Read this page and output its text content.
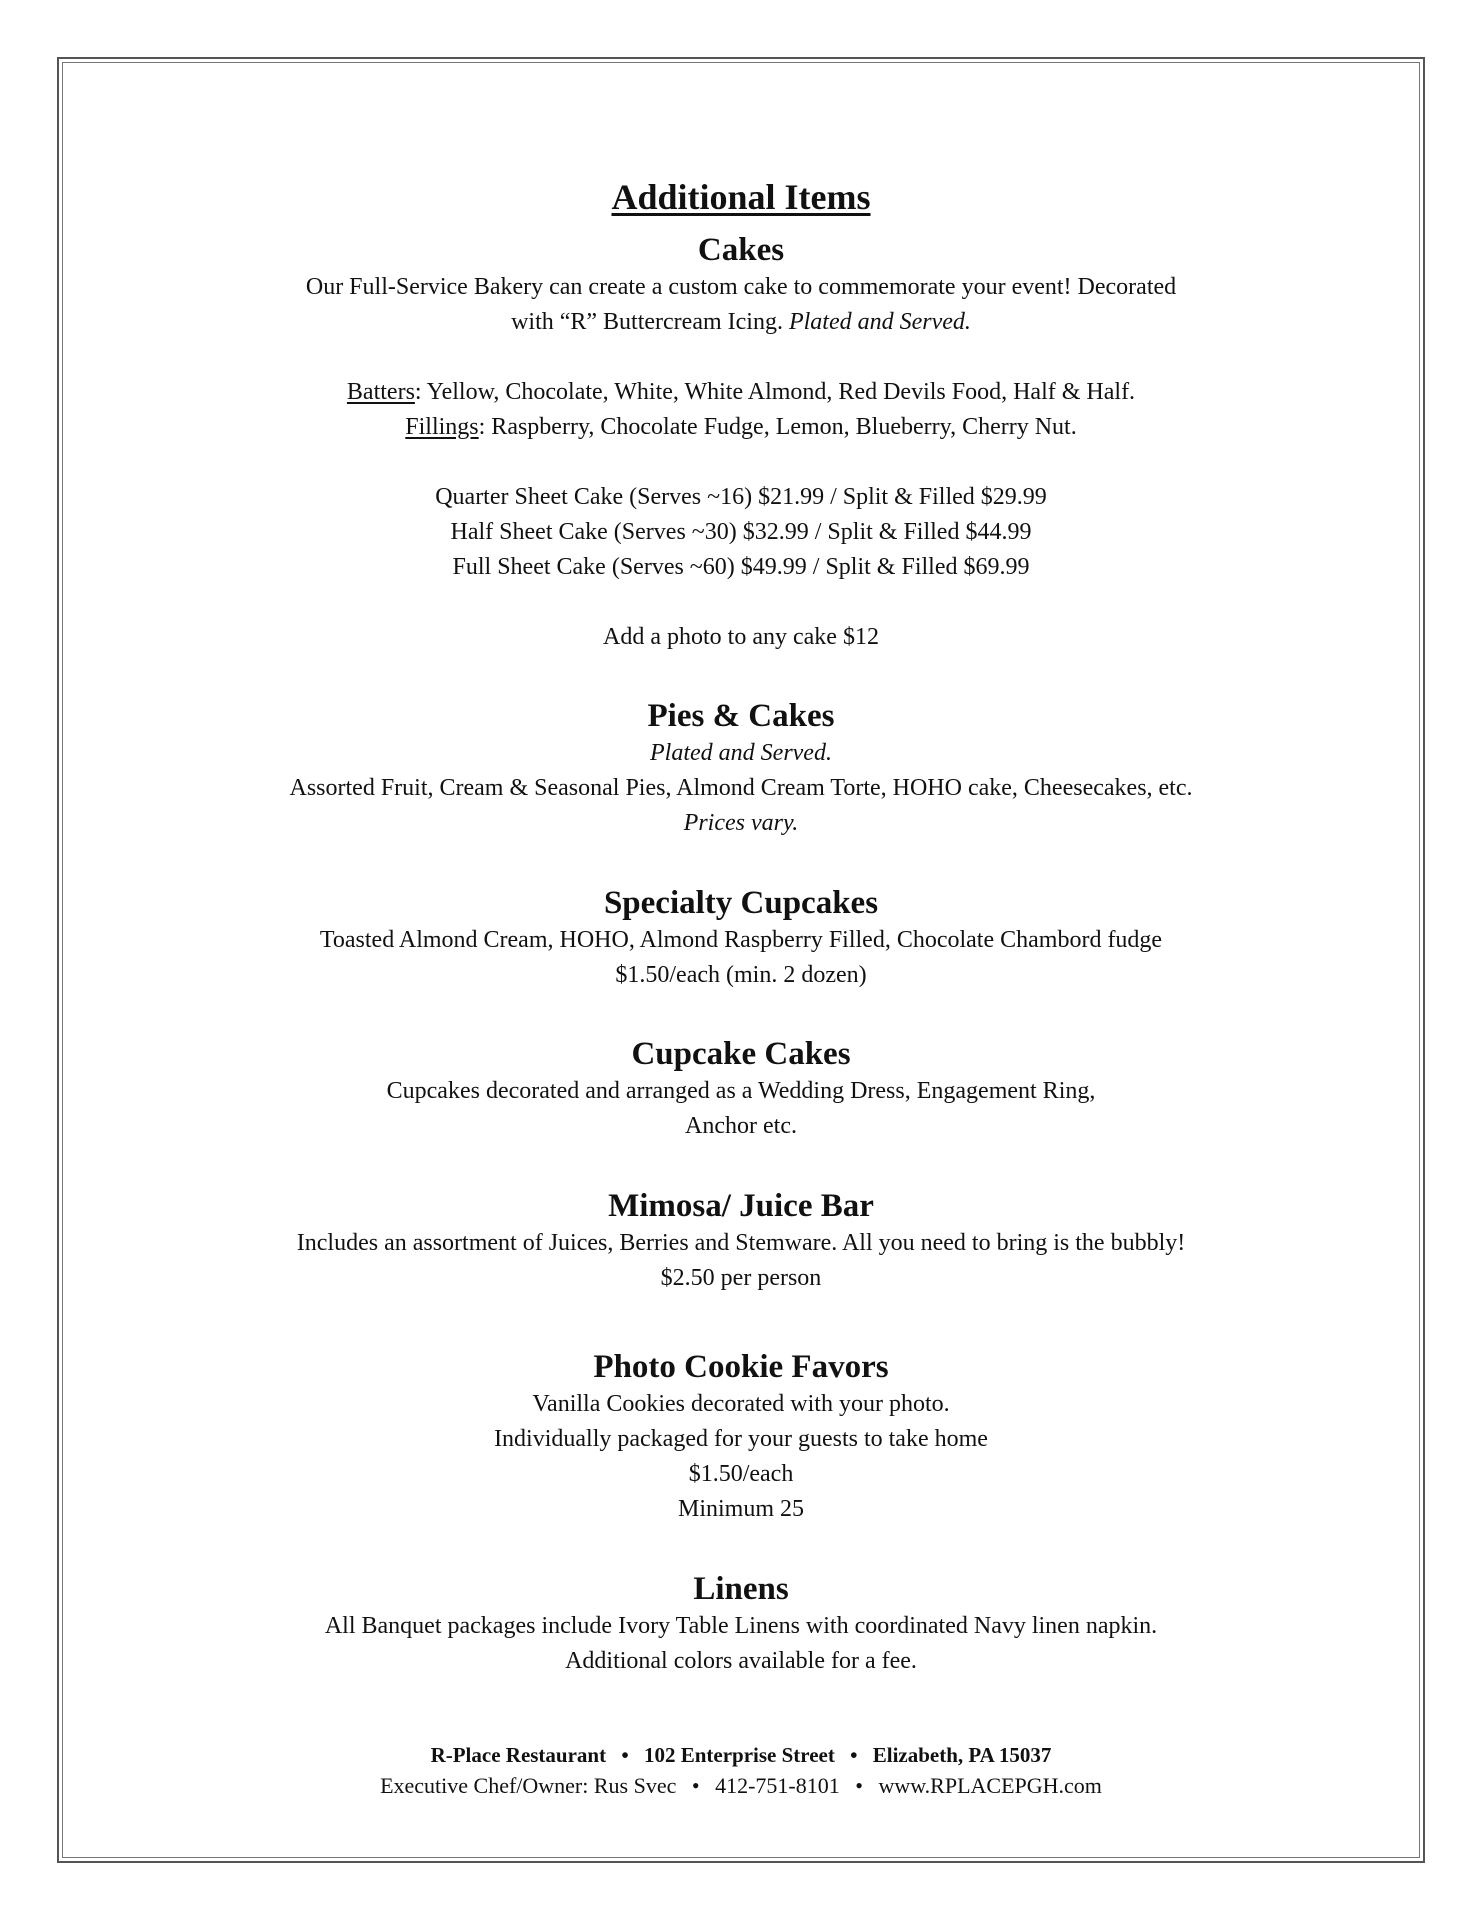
Additional Items
Cakes
Our Full-Service Bakery can create a custom cake to commemorate your event! Decorated
with “R” Buttercream Icing. Plated and Served.
Batters: Yellow, Chocolate, White, White Almond, Red Devils Food, Half & Half.
Fillings: Raspberry, Chocolate Fudge, Lemon, Blueberry, Cherry Nut.
Quarter Sheet Cake (Serves ~16) $21.99 / Split & Filled $29.99
Half Sheet Cake (Serves ~30) $32.99 / Split & Filled $44.99
Full Sheet Cake (Serves ~60) $49.99 / Split & Filled $69.99
Add a photo to any cake $12
Pies & Cakes
Plated and Served.
Assorted Fruit, Cream & Seasonal Pies, Almond Cream Torte, HOHO cake, Cheesecakes, etc.
Prices vary.
Specialty Cupcakes
Toasted Almond Cream, HOHO, Almond Raspberry Filled, Chocolate Chambord fudge
$1.50/each (min. 2 dozen)
Cupcake Cakes
Cupcakes decorated and arranged as a Wedding Dress, Engagement Ring,
Anchor etc.
Mimosa/ Juice Bar
Includes an assortment of Juices, Berries and Stemware. All you need to bring is the bubbly!
$2.50 per person
Photo Cookie Favors
Vanilla Cookies decorated with your photo.
Individually packaged for your guests to take home
$1.50/each
Minimum 25
Linens
All Banquet packages include Ivory Table Linens with coordinated Navy linen napkin.
Additional colors available for a fee.
R-Place Restaurant • 102 Enterprise Street • Elizabeth, PA 15037
Executive Chef/Owner: Rus Svec • 412-751-8101 • www.RPLACEPGH.com
